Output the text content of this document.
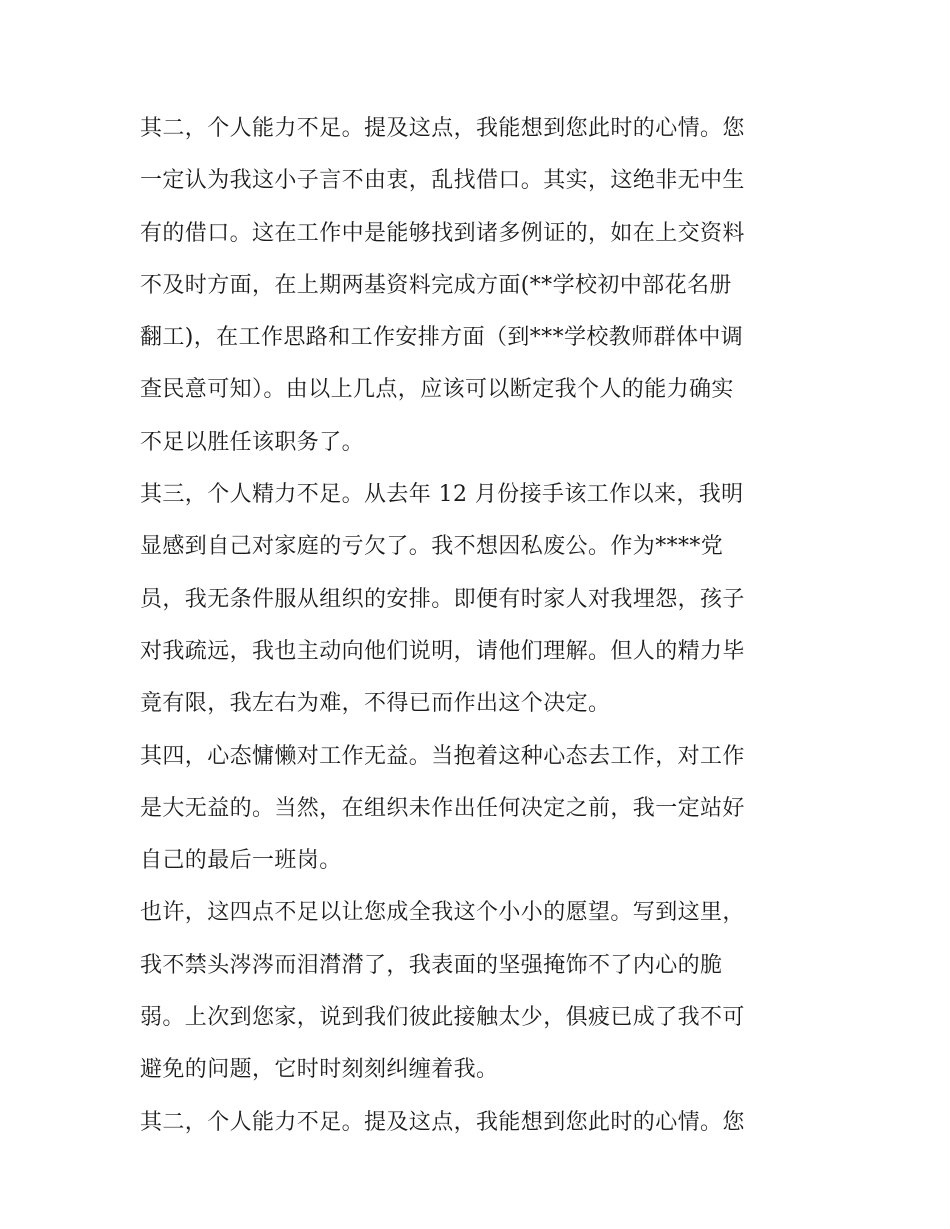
其二，个人能力不足。提及这点，我能想到您此时的心情。您
一定认为我这小子言不由衷，乱找借口。其实，这绝非无中生
有的借口。这在工作中是能够找到诸多例证的，如在上交资料
不及时方面，在上期两基资料完成方面(**学校初中部花名册
翻工)，在工作思路和工作安排方面（到***学校教师群体中调
查民意可知）。由以上几点，应该可以断定我个人的能力确实
不足以胜任该职务了。
其三，个人精力不足。从去年 12 月份接手该工作以来，我明
显感到自己对家庭的亏欠了。我不想因私废公。作为****党
员，我无条件服从组织的安排。即便有时家人对我埋怨，孩子
对我疏远，我也主动向他们说明，请他们理解。但人的精力毕
竟有限，我左右为难，不得已而作出这个决定。
其四，心态慵懒对工作无益。当抱着这种心态去工作，对工作
是大无益的。当然，在组织未作出任何决定之前，我一定站好
自己的最后一班岗。
也许，这四点不足以让您成全我这个小小的愿望。写到这里，
我不禁头涔涔而泪潸潸了，我表面的坚强掩饰不了内心的脆
弱。上次到您家，说到我们彼此接触太少，俱疲已成了我不可
避免的问题，它时时刻刻纠缠着我。
其二，个人能力不足。提及这点，我能想到您此时的心情。您
